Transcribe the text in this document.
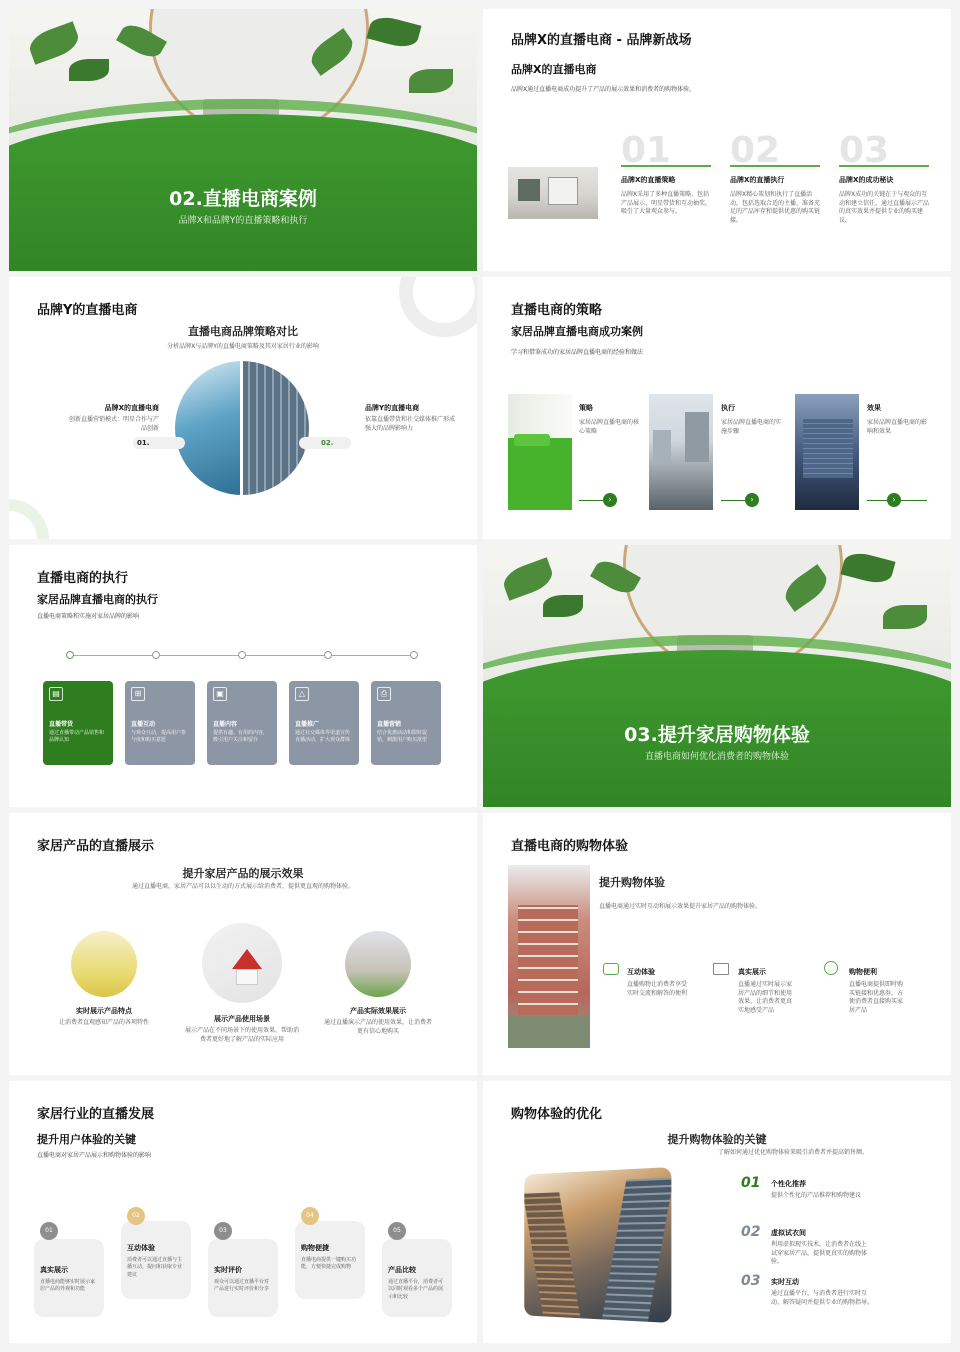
02.直播电商案例
品牌X和品牌Y的直播策略和执行
品牌X的直播电商 - 品牌新战场
品牌X的直播电商
品牌X通过直播电商成功提升了产品的展示效果和消费者的购物体验。
01
品牌X的直播策略
品牌X采用了多种直播策略，包括产品展示、明星带货和互动抽奖，吸引了大量观众参与。
02
品牌X的直播执行
品牌X精心策划和执行了直播活动，包括选取合适的主播、准备充足的产品库存和提供优惠的购买链接。
03
品牌X的成功秘诀
品牌X成功的关键在于与观众的互动和建立信任，通过直播展示产品的真实效果并提供专业的购买建议。
品牌Y的直播电商
直播电商品牌策略对比
分析品牌X与品牌Y的直播电商策略及其对家居行业的影响
品牌X的直播电商
创新直播营销模式：明星合作与产品创新
01.
品牌Y的直播电商
依靠直播带货和社交媒体推广形成强大的品牌影响力
02.
直播电商的策略
家居品牌直播电商成功案例
学习和借鉴成功的家居品牌直播电商的经验和做法
策略
家居品牌直播电商的核心策略
›
执行
家居品牌直播电商的实施步骤
›
效果
家居品牌直播电商的影响和效果
›
直播电商的执行
家居品牌直播电商的执行
直播电商策略和实施对家居品牌的影响
▤
直播带货
通过直播带动产品销售和品牌认知
⊞
直播互动
与观众互动，提高用户参与度和购买意愿
▣
直播内容
提供有趣、有用的内容，吸引用户关注和留存
△
直播推广
通过社交媒体等渠道宣传直播活动，扩大观众群体
⎙
直播营销
结合优惠活动和限时促销，刺激用户购买欲望	03.提升家居购物体验
直播电商如何优化消费者的购物体验
家居产品的直播展示
提升家居产品的展示效果
通过直播电商，家居产品可以以生动的方式展示给消费者，提供更直观的购物体验。
实时展示产品特点
让消费者直观感知产品的各项特性	展示产品使用场景
展示产品在不同场景下的使用效果，帮助消费者更好地了解产品的实际应用
产品实际效果展示
通过直播演示产品的使用效果，让消费者更有信心地购买
直播电商的购物体验
提升购物体验
直播电商通过实时互动和展示效果提升家居产品的购物体验。
互动体验
直播购物让消费者享受实时交流和解答的便利
真实展示
直播通过实时展示家居产品的细节和使用效果，让消费者更真实地感受产品
购物便利
直播电商提供即时购买链接和优惠券，方便消费者直接购买家居产品
家居行业的直播发展
提升用户体验的关键
直播电商对家居产品展示和购物体验的影响
真实展示
直播电商能够实时展示家居产品的外观和功能
01
互动体验
消费者可以通过直播与主播互动，提问和获取专业建议
02
实时评价
观众可以通过直播平台对产品进行实时评价和分享
03
购物便捷
直播电商提供一键购买功能，方便快捷完成购物
04
产品比较
通过直播平台，消费者可以同时观看多个产品的展示和比较
05
购物体验的优化
提升购物体验的关键
了解如何通过优化购物体验来吸引消费者并提高销售额。
01 个性化推荐
提供个性化的产品推荐和购物建议
02 虚拟试衣间
利用虚拟现实技术，让消费者在线上试穿家居产品，提供更真实的购物体验。
03 实时互动
通过直播平台，与消费者进行实时互动，解答疑问并提供专业的购物指导。
